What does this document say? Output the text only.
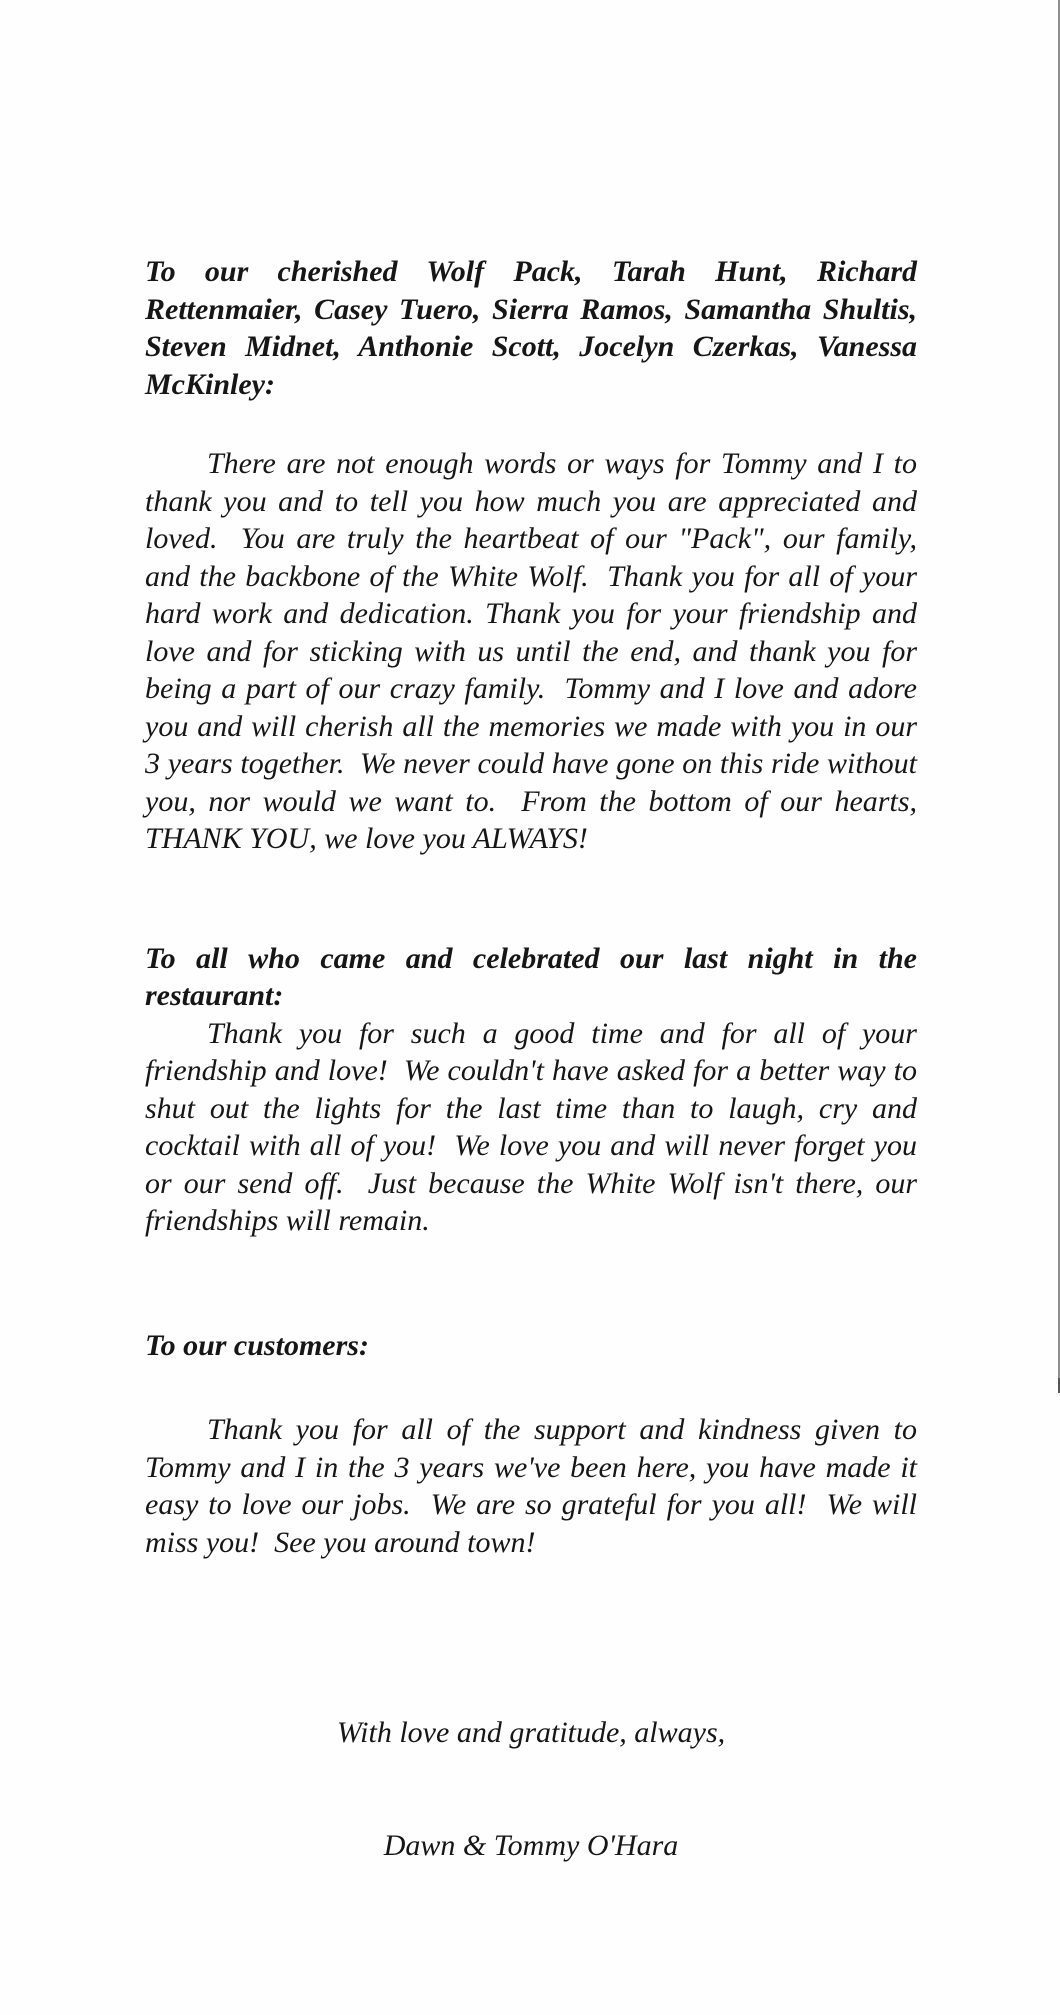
To our cherished Wolf Pack, Tarah Hunt, Richard Rettenmaier, Casey Tuero, Sierra Ramos, Samantha Shultis, Steven Midnet, Anthonie Scott, Jocelyn Czerkas, Vanessa McKinley:

There are not enough words or ways for Tommy and I to thank you and to tell you how much you are appreciated and loved.  You are truly the heartbeat of our "Pack", our family, and the backbone of the White Wolf.  Thank you for all of your hard work and dedication. Thank you for your friendship and love and for sticking with us until the end, and thank you for being a part of our crazy family.  Tommy and I love and adore you and will cherish all the memories we made with you in our 3 years together.  We never could have gone on this ride without you, nor would we want to.  From the bottom of our hearts, THANK YOU, we love you ALWAYS!

To all who came and celebrated our last night in the restaurant:

Thank you for such a good time and for all of your friendship and love!  We couldn't have asked for a better way to shut out the lights for the last time than to laugh, cry and cocktail with all of you!  We love you and will never forget you or our send off.  Just because the White Wolf isn't there, our friendships will remain.

To our customers:

Thank you for all of the support and kindness given to Tommy and I in the 3 years we've been here, you have made it easy to love our jobs.  We are so grateful for you all!  We will miss you!  See you around town!

With love and gratitude, always,

Dawn & Tommy O'Hara
